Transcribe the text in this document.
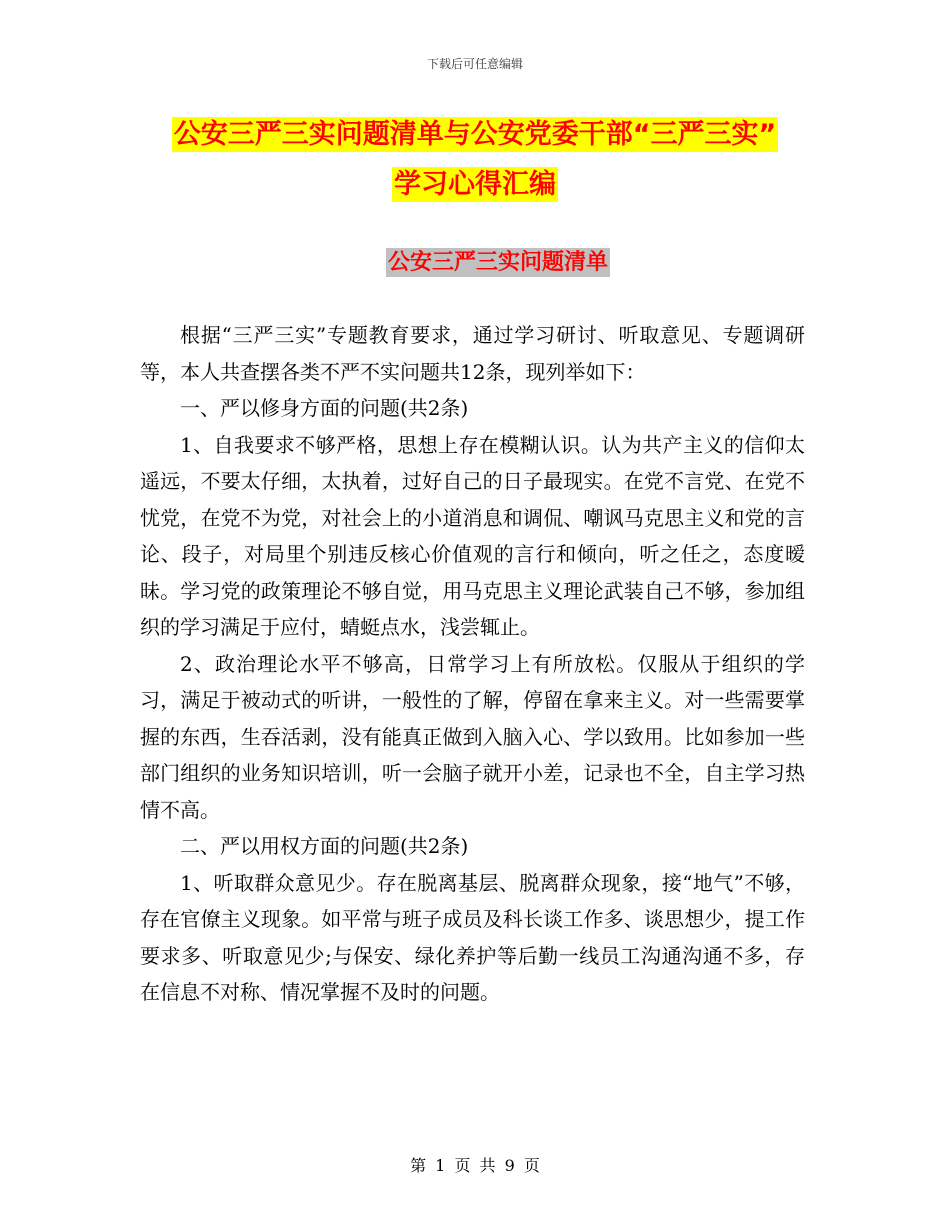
下载后可任意编辑
公安三严三实问题清单与公安党委干部“三严三实”
学习心得汇编
公安三严三实问题清单

根据“三严三实”专题教育要求，通过学习研讨、听取意见、专题调研等，本人共查摆各类不严不实问题共12条，现列举如下：

一、严以修身方面的问题(共2条)

1、自我要求不够严格，思想上存在模糊认识。认为共产主义的信仰太遥远，不要太仔细，太执着，过好自己的日子最现实。在党不言党、在党不忧党，在党不为党，对社会上的小道消息和调侃、嘲讽马克思主义和党的言论、段子，对局里个别违反核心价值观的言行和倾向，听之任之，态度暧昧。学习党的政策理论不够自觉，用马克思主义理论武装自己不够，参加组织的学习满足于应付，蜻蜓点水，浅尝辄止。

2、政治理论水平不够高，日常学习上有所放松。仅服从于组织的学习，满足于被动式的听讲，一般性的了解，停留在拿来主义。对一些需要掌握的东西，生吞活剥，没有能真正做到入脑入心、学以致用。比如参加一些部门组织的业务知识培训，听一会脑子就开小差，记录也不全，自主学习热情不高。

二、严以用权方面的问题(共2条)

1、听取群众意见少。存在脱离基层、脱离群众现象，接“地气”不够，存在官僚主义现象。如平常与班子成员及科长谈工作多、谈思想少，提工作要求多、听取意见少;与保安、绿化养护等后勤一线员工沟通沟通不多，存在信息不对称、情况掌握不及时的问题。

第 1 页 共 9 页
